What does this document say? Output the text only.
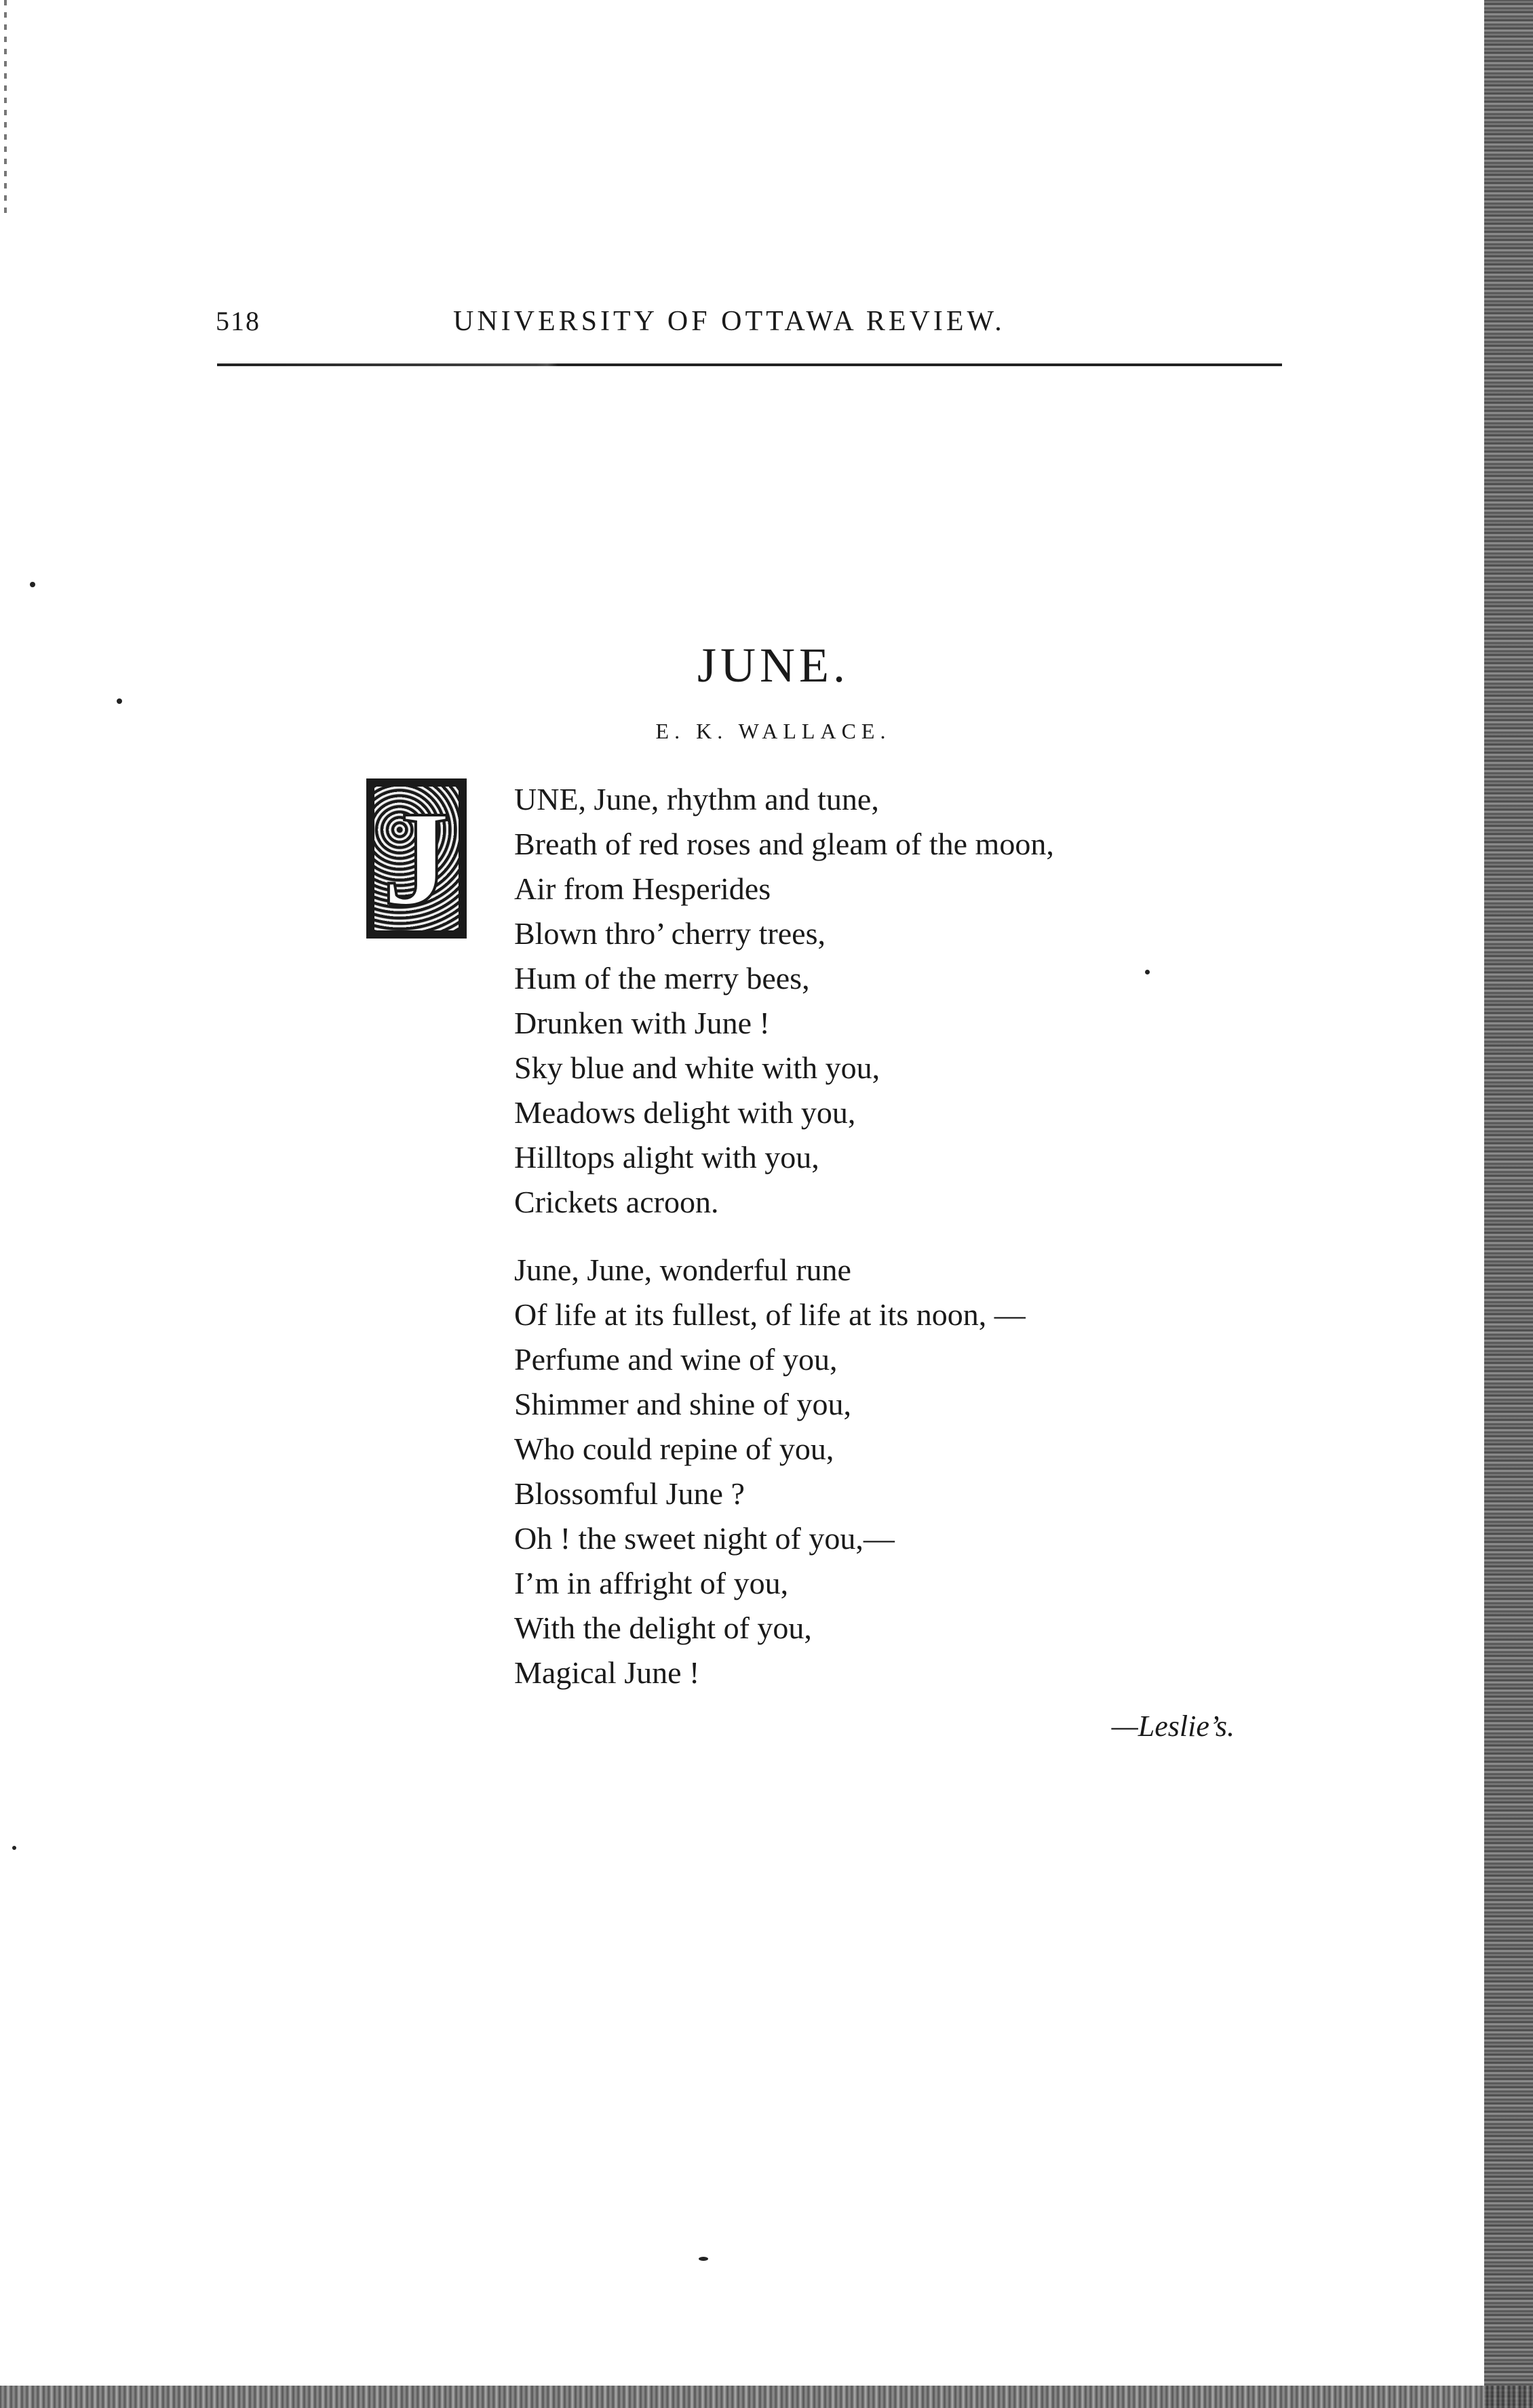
518	UNIVERSITY OF OTTAWA REVIEW.
JUNE.
E. K. WALLACE.
J	UNE, June, rhythm and tune,
Breath of red roses and gleam of the moon,
Air from Hesperides
Blown thro’ cherry trees,
Hum of the merry bees,
Drunken with June !
Sky blue and white with you,
Meadows delight with you,
Hilltops alight with you,
Crickets acroon.
June, June, wonderful rune
Of life at its fullest, of life at its noon, —
Perfume and wine of you,
Shimmer and shine of you,
Who could repine of you,
Blossomful June ?
Oh ! the sweet night of you,—
I’m in affright of you,
With the delight of you,
Magical June !
—Leslie’s.
